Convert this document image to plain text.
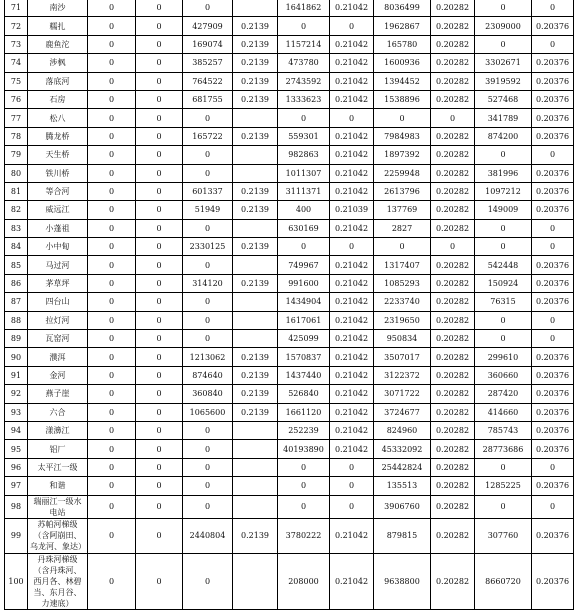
71	南沙	0	0	0		1641862	0.21042	8036499	0.20282	0	0
72	糯扎	0	0	427909	0.2139	0	0	1962867	0.20282	2309000	0.20376
73	鹿鱼沱	0	0	169074	0.2139	1157214	0.21042	165780	0.20282	0	0
74	涉枫	0	0	385257	0.2139	473780	0.21042	1600936	0.20282	3302671	0.20376
75	落底河	0	0	764522	0.2139	2743592	0.21042	1394452	0.20282	3919592	0.20376
76	石房	0	0	681755	0.2139	1333623	0.21042	1538896	0.20282	527468	0.20376
77	松八	0	0	0		0	0	0	0	341789	0.20376
78	腾龙桥	0	0	165722	0.2139	559301	0.21042	7984983	0.20282	874200	0.20376
79	天生桥	0	0	0		982863	0.21042	1897392	0.20282	0	0
80	铁川桥	0	0	0		1011307	0.21042	2259948	0.20282	381996	0.20376
81	等合河	0	0	601337	0.2139	3111371	0.21042	2613796	0.20282	1097212	0.20376
82	威远江	0	0	51949	0.2139	400	0.21039	137769	0.20282	149009	0.20376
83	小蓬祖	0	0	0		630169	0.21042	2827	0.20282	0	0
84	小中甸	0	0	2330125	0.2139	0	0	0	0	0	0
85	马过河	0	0	0		749967	0.21042	1317407	0.20282	542448	0.20376
86	茅草坪	0	0	314120	0.2139	991600	0.21042	1085293	0.20282	150924	0.20376
87	四台山	0	0	0		1434904	0.21042	2233740	0.20282	76315	0.20376
88	拉灯河	0	0	0		1617061	0.21042	2319650	0.20282	0	0
89	瓦窑河	0	0	0		425099	0.21042	950834	0.20282	0	0
90	濮洱	0	0	1213062	0.2139	1570837	0.21042	3507017	0.20282	299610	0.20376
91	金河	0	0	874640	0.2139	1437440	0.21042	3122372	0.20282	360660	0.20376
92	燕子崖	0	0	360840	0.2139	526840	0.21042	3071722	0.20282	287420	0.20376
93	六合	0	0	1065600	0.2139	1661120	0.21042	3724677	0.20282	414660	0.20376
94	漾濞江	0	0	0		252239	0.21042	824960	0.20282	785743	0.20376
95	铝厂	0	0	0		40193890	0.21042	45332092	0.20282	28773686	0.20376
96	太平江一级	0	0	0		0	0	25442824	0.20282	0	0
97	和谐	0	0	0		0	0	135513	0.20282	1285225	0.20376
98	瑞丽江一级水电站	0	0	0		0	0	3906760	0.20282	0	0
99	苏帕河梯级（含阿崩田、乌龙河、象达）	0	0	2440804	0.2139	3780222	0.21042	879815	0.20282	307760	0.20376
100	丹珠河梯级（含丹珠河、西月各、林碧当、东月谷、力速底）	0	0	0		208000	0.21042	9638800	0.20282	8660720	0.20376
